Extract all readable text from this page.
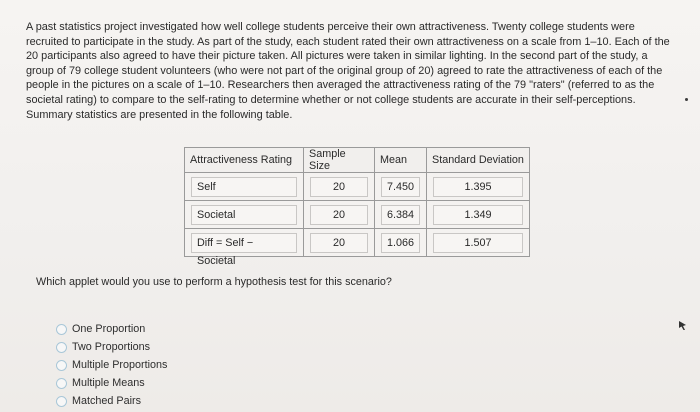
A past statistics project investigated how well college students perceive their own attractiveness. Twenty college students were
recruited to participate in the study. As part of the study, each student rated their own attractiveness on a scale from 1–10. Each of the
20 participants also agreed to have their picture taken. All pictures were taken in similar lighting. In the second part of the study, a
group of 79 college student volunteers (who were not part of the original group of 20) agreed to rate the attractiveness of each of the
people in the pictures on a scale of 1–10. Researchers then averaged the attractiveness rating of the 79 "raters" (referred to as the
societal rating) to compare to the self-rating to determine whether or not college students are accurate in their self-perceptions.
Summary statistics are presented in the following table.

Attractiveness Rating	Sample Size	Mean	Standard Deviation

Self	20	7.450	1.395

Societal	20	6.384	1.349

Diff = Self − Societal	20	1.066	1.507

Which applet would you use to perform a hypothesis test for this scenario?

One Proportion
Two Proportions
Multiple Proportions
Multiple Means
Matched Pairs
